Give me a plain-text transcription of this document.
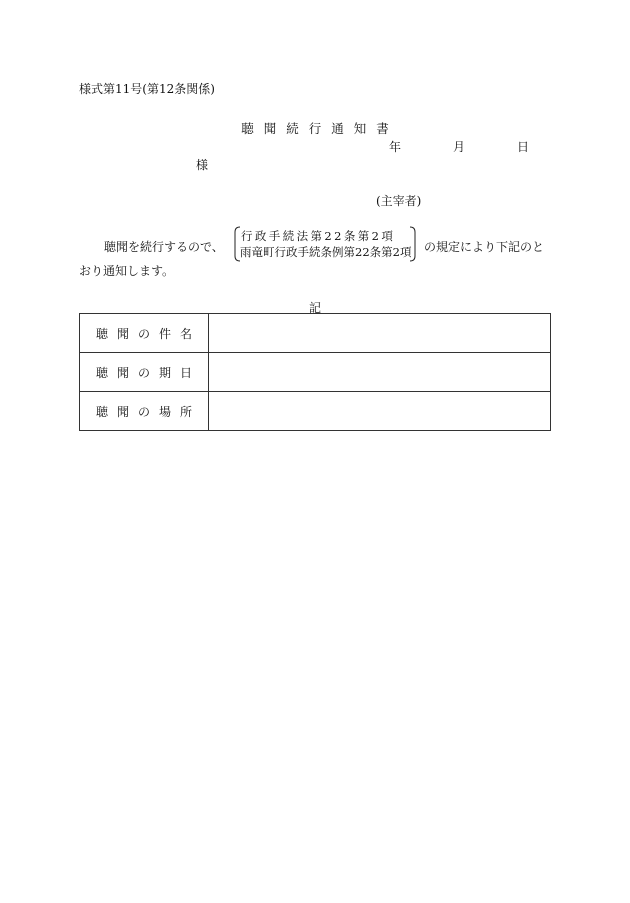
様式第11号(第12条関係)
聴聞続行通知書
年	月	日
様
(主宰者)
聴聞を続行するので、
行政手続法第22条第2項
雨竜町行政手続条例第22条第2項 の規定により下記のと
おり通知します。
記
聴聞の件名	
聴聞の期日	
聴聞の場所	
